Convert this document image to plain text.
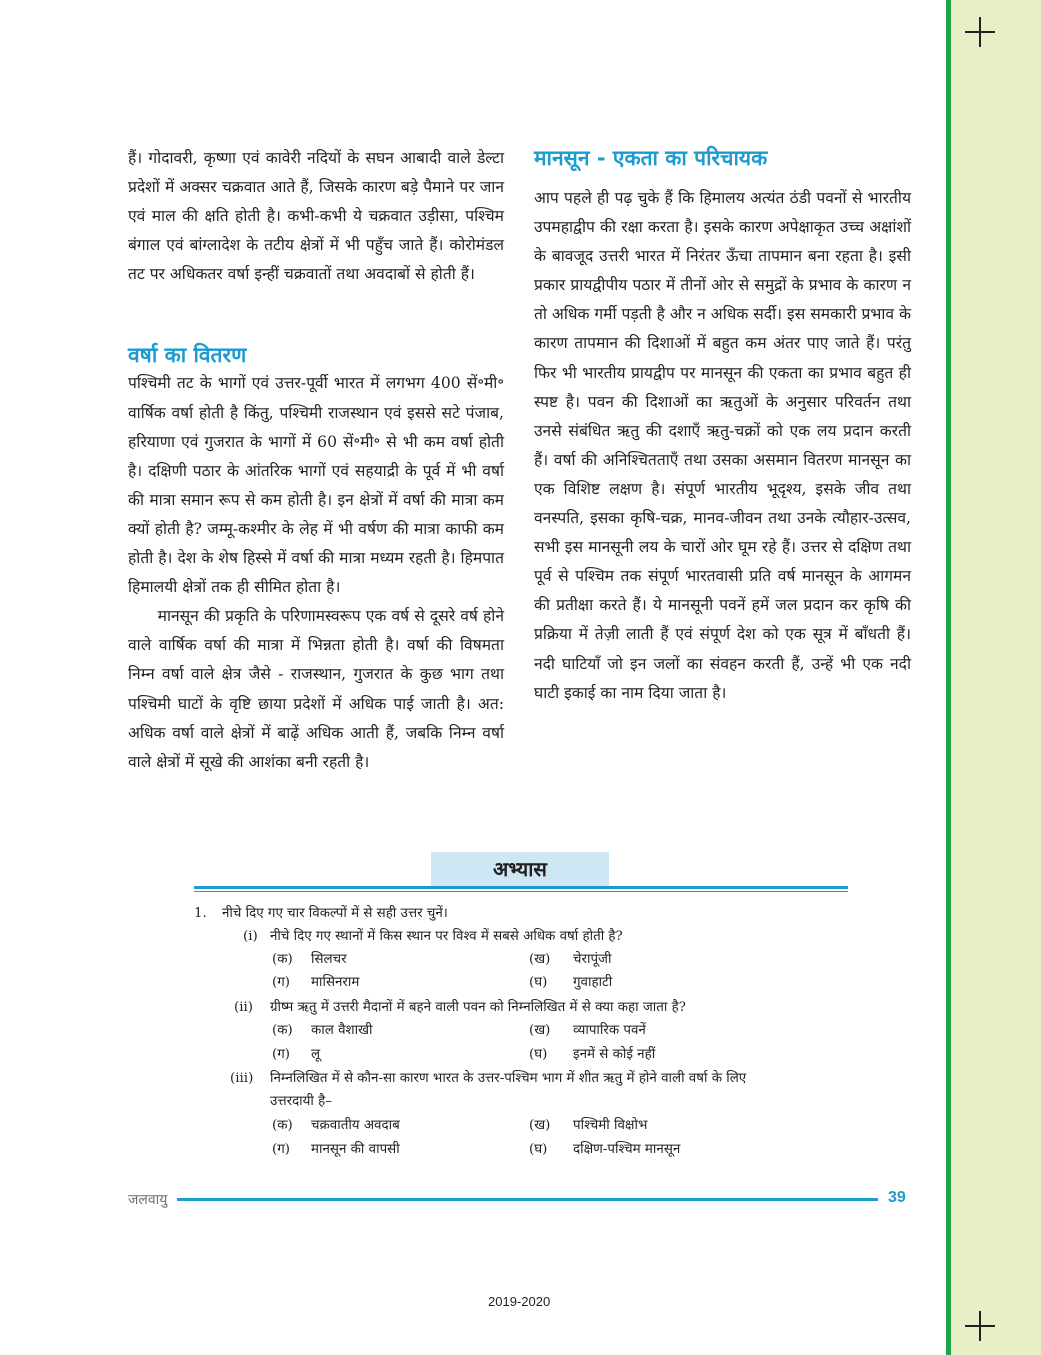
हैं। गोदावरी, कृष्णा एवं कावेरी नदियों के सघन आबादी वाले डेल्टा प्रदेशों में अक्सर चक्रवात आते हैं, जिसके कारण बड़े पैमाने पर जान एवं माल की क्षति होती है। कभी-कभी ये चक्रवात उड़ीसा, पश्चिम बंगाल एवं बांग्लादेश के तटीय क्षेत्रों में भी पहुँच जाते हैं। कोरोमंडल तट पर अधिकतर वर्षा इन्हीं चक्रवातों तथा अवदाबों से होती हैं।

पश्चिमी तट के भागों एवं उत्तर-पूर्वी भारत में लगभग 400 सें॰मी॰ वार्षिक वर्षा होती है किंतु, पश्चिमी राजस्थान एवं इससे सटे पंजाब, हरियाणा एवं गुजरात के भागों में 60 सें॰मी॰ से भी कम वर्षा होती है। दक्षिणी पठार के आंतरिक भागों एवं सहयाद्री के पूर्व में भी वर्षा की मात्रा समान रूप से कम होती है। इन क्षेत्रों में वर्षा की मात्रा कम क्यों होती है? जम्मू-कश्मीर के लेह में भी वर्षण की मात्रा काफी कम होती है। देश के शेष हिस्से में वर्षा की मात्रा मध्यम रहती है। हिमपात हिमालयी क्षेत्रों तक ही सीमित होता है।

मानसून की प्रकृति के परिणामस्वरूप एक वर्ष से दूसरे वर्ष होने वाले वार्षिक वर्षा की मात्रा में भिन्नता होती है। वर्षा की विषमता निम्न वर्षा वाले क्षेत्र जैसे - राजस्थान, गुजरात के कुछ भाग तथा पश्चिमी घाटों के वृष्टि छाया प्रदेशों में अधिक पाई जाती है। अत: अधिक वर्षा वाले क्षेत्रों में बाढ़ें अधिक आती हैं, जबकि निम्न वर्षा वाले क्षेत्रों में सूखे की आशंका बनी रहती है।

वर्षा का वितरण
मानसून - एकता का परिचायक

आप पहले ही पढ़ चुके हैं कि हिमालय अत्यंत ठंडी पवनों से भारतीय उपमहाद्वीप की रक्षा करता है। इसके कारण अपेक्षाकृत उच्च अक्षांशों के बावजूद उत्तरी भारत में निरंतर ऊँचा तापमान बना रहता है। इसी प्रकार प्रायद्वीपीय पठार में तीनों ओर से समुद्रों के प्रभाव के कारण न तो अधिक गर्मी पड़ती है और न अधिक सर्दी। इस समकारी प्रभाव के कारण तापमान की दिशाओं में बहुत कम अंतर पाए जाते हैं। परंतु फिर भी भारतीय प्रायद्वीप पर मानसून की एकता का प्रभाव बहुत ही स्पष्ट है। पवन की दिशाओं का ऋतुओं के अनुसार परिवर्तन तथा उनसे संबंधित ऋतु की दशाएँ ऋतु-चक्रों को एक लय प्रदान करती हैं। वर्षा की अनिश्चितताएँ तथा उसका असमान वितरण मानसून का एक विशिष्ट लक्षण है। संपूर्ण भारतीय भूदृश्य, इसके जीव तथा वनस्पति, इसका कृषि-चक्र, मानव-जीवन तथा उनके त्यौहार-उत्सव, सभी इस मानसूनी लय के चारों ओर घूम रहे हैं। उत्तर से दक्षिण तथा पूर्व से पश्चिम तक संपूर्ण भारतवासी प्रति वर्ष मानसून के आगमन की प्रतीक्षा करते हैं। ये मानसूनी पवनें हमें जल प्रदान कर कृषि की प्रक्रिया में तेज़ी लाती हैं एवं संपूर्ण देश को एक सूत्र में बाँधती हैं। नदी घाटियाँ जो इन जलों का संवहन करती हैं, उन्हें भी एक नदी घाटी इकाई का नाम दिया जाता है।

अभ्यास
1. नीचे दिए गए चार विकल्पों में से सही उत्तर चुनें।
(i) नीचे दिए गए स्थानों में किस स्थान पर विश्व में सबसे अधिक वर्षा होती है?
(क) सिलचर	(ख) चेरापूंजी
(ग) मासिनराम	(घ) गुवाहाटी
(ii) ग्रीष्म ऋतु में उत्तरी मैदानों में बहने वाली पवन को निम्नलिखित में से क्या कहा जाता है?
(क) काल वैशाखी	(ख) व्यापारिक पवनें
(ग) लू	(घ) इनमें से कोई नहीं
(iii) निम्नलिखित में से कौन-सा कारण भारत के उत्तर-पश्चिम भाग में शीत ऋतु में होने वाली वर्षा के लिए
उत्तरदायी है–
(क) चक्रवातीय अवदाब	(ख) पश्चिमी विक्षोभ
(ग) मानसून की वापसी	(घ) दक्षिण-पश्चिम मानसून
जलवायु	39
2019-2020
